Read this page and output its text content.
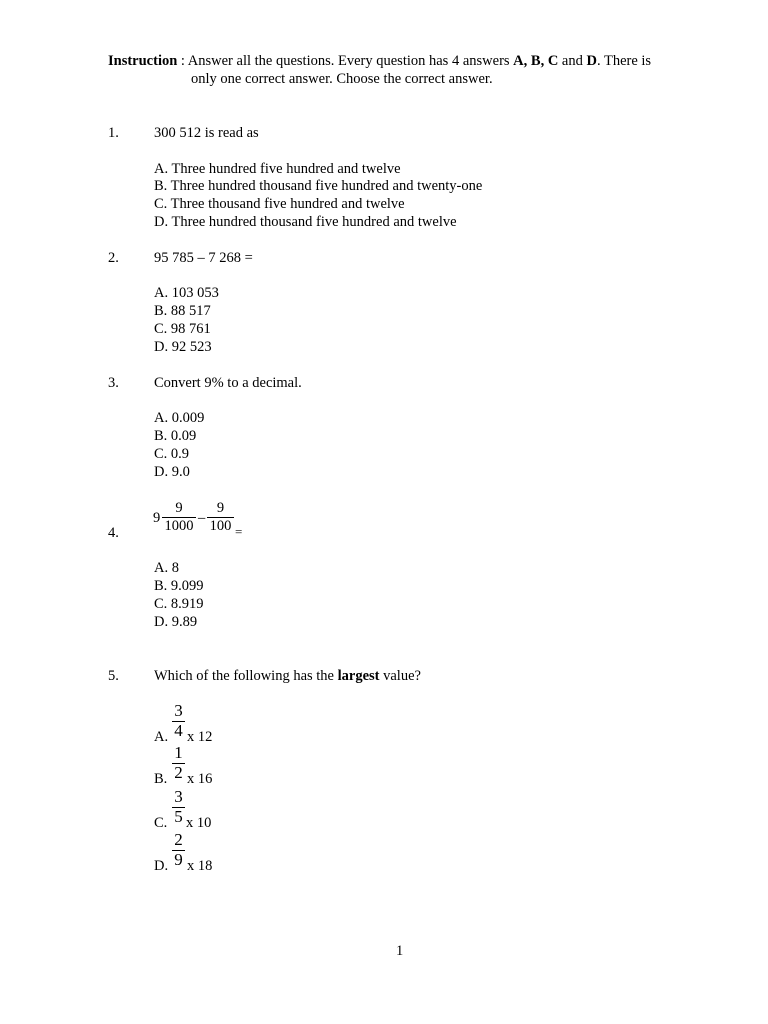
Instruction : Answer all the questions. Every question has 4 answers A, B, C and D. There is
only one correct answer. Choose the correct answer.
1. 300 512 is read as
A. Three hundred five hundred and twelve
B. Three hundred thousand five hundred and twenty-one
C. Three thousand five hundred and twelve
D. Three hundred thousand five hundred and twelve
2. 95 785 – 7 268 =
A. 103 053
B. 88 517
C. 98 761
D. 92 523
3. Convert 9% to a decimal.
A. 0.009
B. 0.09
C. 0.9
D. 9.0
4.
9
9
1000 –
9
100 =
A. 8
B. 9.099
C. 8.919
D. 9.89
5. Which of the following has the largest value?
A.
3
4 x 12
B.
1
2 x 16
C.
3
5 x 10
D.
2
9 x 18
1
